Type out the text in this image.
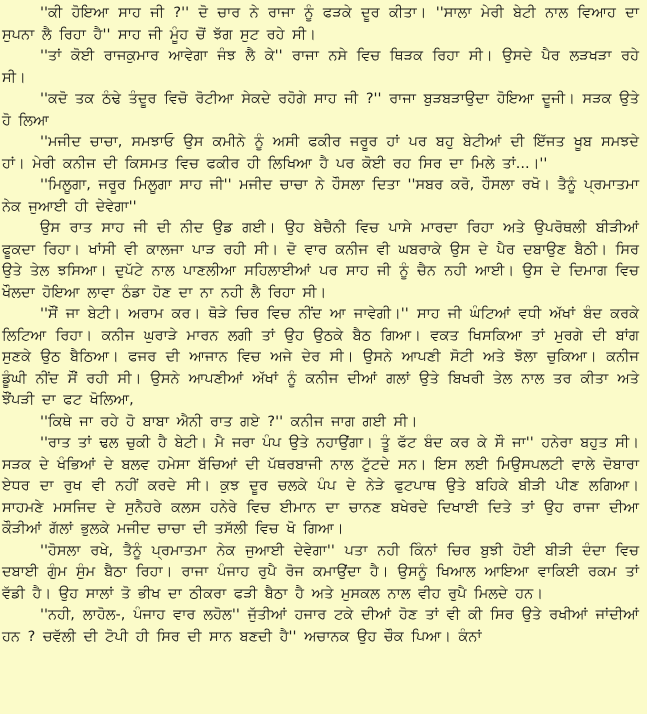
''ਕੀ ਹੋਇਆ ਸਾਹ ਜੀ ?'' ਦੋ ਚਾਰ ਨੇ ਰਾਜਾ ਨੂੰ ਫੜਕੇ ਦੂਰ ਕੀਤਾ। ''ਸਾਲਾ ਮੇਰੀ ਬੇਟੀ ਨਾਲ ਵਿਆਹ ਦਾ ਸੁਪਨਾ ਲੈ ਰਿਹਾ ਹੈ'' ਸਾਹ ਜੀ ਮੂੰਹ ਚੋਂ ਝੱਗ ਸੁਟ ਰਹੇ ਸੀ।

''ਤਾਂ ਕੋਈ ਰਾਜਕੁਮਾਰ ਆਵੇਗਾ ਜੰਝ ਲੈ ਕੇ'' ਰਾਜਾ ਨਸੇ ਵਿਚ ਥਿੜਕ ਰਿਹਾ ਸੀ। ਉਸਦੇ ਪੈਰ ਲੜਖੜਾ ਰਹੇ ਸੀ।

''ਕਦੋ ਤਕ ਠੰਢੇ ਤੰਦੂਰ ਵਿਚੋ ਰੋਟੀਆ ਸੇਕਦੇ ਰਹੋਗੇ ਸਾਹ ਜੀ ?'' ਰਾਜਾ ਬੁੜਬੜਾਉਦਾ ਹੋਇਆ ਦੂਜੀ। ਸੜਕ ਉਤੇ ਹੋ ਲਿਆ

''ਮਜੀਦ ਚਾਚਾ, ਸਮਝਾਓ ਉਸ ਕਮੀਨੇ ਨੂੰ ਅਸੀ ਫਕੀਰ ਜਰੂਰ ਹਾਂ ਪਰ ਬਹੁ ਬੇਟੀਆਂ ਦੀ ਇੱਜਤ ਖੂਬ ਸਮਝਦੇ ਹਾਂ। ਮੇਰੀ ਕਨੀਜ ਦੀ ਕਿਸਮਤ ਵਿਚ ਫਕੀਰ ਹੀ ਲਿਖਿਆ ਹੈ ਪਰ ਕੋਈ ਰਹ ਸਿਰ ਦਾ ਮਿਲੇ ਤਾਂ...।''

''ਮਿਲੂਗਾ, ਜਰੂਰ ਮਿਲੂਗਾ ਸਾਹ ਜੀ'' ਮਜੀਦ ਚਾਚਾ ਨੇ ਹੌਸਲਾ ਦਿਤਾ ''ਸਬਰ ਕਰੋ, ਹੌਸਲਾ ਰਖੋ। ਤੈਨੂੰ ਪ੍ਰਮਾਤਮਾ ਨੇਕ ਜੁਆਈ ਹੀ ਦੇਵੇਗਾ''

ਉਸ ਰਾਤ ਸਾਹ ਜੀ ਦੀ ਨੀਦ ਉਡ ਗਈ। ਉਹ ਬੇਚੈਨੀ ਵਿਚ ਪਾਸੇ ਮਾਰਦਾ ਰਿਹਾ ਅਤੇ ਉਪਰੋਥਲੀ ਬੀੜੀਆਂ ਫੂਕਦਾ ਰਿਹਾ। ਖਾਂਸੀ ਵੀ ਕਾਲਜਾ ਪਾੜ ਰਹੀ ਸੀ। ਦੋ ਵਾਰ ਕਨੀਜ ਵੀ ਘਬਰਾਕੇ ਉਸ ਦੇ ਪੈਰ ਦਬਾਉਣ ਬੈਠੀ। ਸਿਰ ਉਤੇ ਤੇਲ ਝਸਿਆ। ਦੁਪੱਟੇ ਨਾਲ ਪਾਣਲੀਆ ਸਹਿਲਾਈਆਂ ਪਰ ਸਾਹ ਜੀ ਨੂੰ ਚੈਨ ਨਹੀ ਆਈ। ਉਸ ਦੇ ਦਿਮਾਗ ਵਿਚ ਖੌਲਦਾ ਹੋਇਆ ਲਾਵਾ ਠੰਡਾ ਹੋਣ ਦਾ ਨਾ ਨਹੀ ਲੈ ਰਿਹਾ ਸੀ।

''ਸੌਂ ਜਾ ਬੇਟੀ। ਅਰਾਮ ਕਰ। ਥੋੜੇ ਚਿਰ ਵਿਚ ਨੀਂਦ ਆ ਜਾਵੇਗੀ।'' ਸਾਹ ਜੀ ਘੰਟਿਆਂ ਵਧੀ ਅੱਖਾਂ ਬੰਦ ਕਰਕੇ ਲਿਟਿਆ ਰਿਹਾ। ਕਨੀਜ ਘੁਰਾੜੇ ਮਾਰਨ ਲਗੀ ਤਾਂ ਉਹ ਉਠਕੇ ਬੈਠ ਗਿਆ। ਵਕਤ ਖਿਸਕਿਆ ਤਾਂ ਮੁਰਗੇ ਦੀ ਬਾਂਗ ਸੁਣਕੇ ਉਠ ਬੈਠਿਆ। ਫਜਰ ਦੀ ਆਜਾਨ ਵਿਚ ਅਜੇ ਦੇਰ ਸੀ। ਉਸਨੇ ਆਪਣੀ ਸੋਟੀ ਅਤੇ ਝੋਲਾ ਚੁਕਿਆ। ਕਨੀਜ ਡੂੰਘੀ ਨੀਂਦ ਸੌਂ ਰਹੀ ਸੀ। ਉਸਨੇ ਆਪਣੀਆਂ ਅੱਖਾਂ ਨੂੰ ਕਨੀਜ ਦੀਆਂ ਗਲਾਂ ਉਤੇ ਬਿਖਰੀ ਤੇਲ ਨਾਲ ਤਰ ਕੀਤਾ ਅਤੇ ਝੌਂਪੜੀ ਦਾ ਫਟ ਖੋਲਿਆ,

''ਕਿਥੇ ਜਾ ਰਹੇ ਹੋ ਬਾਬਾ ਐਨੀ ਰਾਤ ਗਏ ?'' ਕਨੀਜ ਜਾਗ ਗਈ ਸੀ।

''ਰਾਤ ਤਾਂ ਢਲ ਚੁਕੀ ਹੈ ਬੇਟੀ। ਮੈ ਜਰਾ ਪੰਪ ਉਤੇ ਨਹਾਉਂਗਾ। ਤੂੰ ਫੱਟ ਬੰਦ ਕਰ ਕੇ ਸੌ ਜਾ'' ਹਨੇਰਾ ਬਹੁਤ ਸੀ। ਸੜਕ ਦੇ ਖੰਭਿਆਂ ਦੇ ਬਲਵ ਹਮੇਸਾ ਬੱਚਿਆਂ ਦੀ ਪੱਥਰਬਾਜੀ ਨਾਲ ਟੁੱਟਦੇ ਸਨ। ਇਸ ਲਈ ਮਿਉਸਪਲਟੀ ਵਾਲੇ ਦੋਬਾਰਾ ਏਧਰ ਦਾ ਰੁਖ ਵੀ ਨਹੀਂ ਕਰਦੇ ਸੀ। ਕੁਝ ਦੂਰ ਚਲਕੇ ਪੰਪ ਦੇ ਨੇੜੇ ਫੁਟਪਾਥ ਉਤੇ ਬਹਿਕੇ ਬੀੜੀ ਪੀਣ ਲਗਿਆ। ਸਾਹਮਣੇ ਮਸਜਿਦ ਦੇ ਸੁਨੈਹਰੇ ਕਲਸ ਹਨੇਰੇ ਵਿਚ ਈਮਾਨ ਦਾ ਚਾਨਣ ਬਖੇਰਦੇ ਦਿਖਾਈ ਦਿਤੇ ਤਾਂ ਉਹ ਰਾਜਾ ਦੀਆ ਕੌੜੀਆਂ ਗੱਲਾਂ ਭੁਲਕੇ ਮਜੀਦ ਚਾਚਾ ਦੀ ਤਸੱਲੀ ਵਿਚ ਖੋ ਗਿਆ।

''ਹੋਸਲਾ ਰਖੇ, ਤੈਨੂੰ ਪ੍ਰਮਾਤਮਾ ਨੇਕ ਜੁਆਈ ਦੇਵੇਗਾ'' ਪਤਾ ਨਹੀ ਕਿੰਨਾਂ ਚਿਰ ਬੁਝੀ ਹੋਈ ਬੀੜੀ ਦੰਦਾ ਵਿਚ ਦਬਾਈ ਗੁੰਮ ਸੁੰਮ ਬੈਠਾ ਰਿਹਾ। ਰਾਜਾ ਪੰਜਾਹ ਰੁਪੈ ਰੋਜ ਕਮਾਉਂਦਾ ਹੈ। ਉਸਨੂੰ ਖਿਆਲ ਆਇਆ ਵਾਕਿਈ ਰਕਮ ਤਾਂ ਵੱਡੀ ਹੈ। ਉਹ ਸਾਲਾਂ ਤੋ ਭੀਖ ਦਾ ਠੀਕਰਾ ਫੜੀ ਬੈਠਾ ਹੈ ਅਤੇ ਮੁਸਕਲ ਨਾਲ ਵੀਹ ਰੁਪੈ ਮਿਲਦੇ ਹਨ।

''ਨਹੀ, ਲਾਹੋਲ-, ਪੰਜਾਹ ਵਾਰ ਲਹੋਲ'' ਜੁੱਤੀਆਂ ਹਜਾਰ ਟਕੇ ਦੀਆਂ ਹੋਣ ਤਾਂ ਵੀ ਕੀ ਸਿਰ ਉਤੇ ਰਖੀਆਂ ਜਾਂਦੀਆਂ ਹਨ ? ਚਵੱਲੀ ਦੀ ਟੋਪੀ ਹੀ ਸਿਰ ਦੀ ਸਾਨ ਬਣਦੀ ਹੈ'' ਅਚਾਨਕ ਉਹ ਚੌਕ ਪਿਆ। ਕੰਨਾਂ
